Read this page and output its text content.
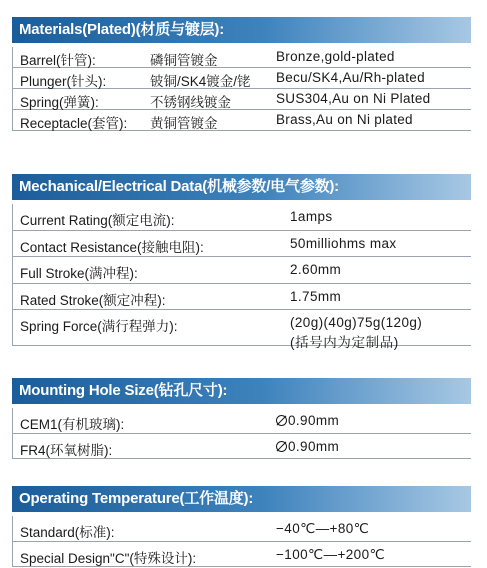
Materials(Plated)(材质与镀层):
Barrel(针管):	磷铜管镀金	Bronze,gold-plated
Plunger(针头):	铍铜/SK4镀金/铑 Becu/SK4,Au/Rh-plated
Spring(弹簧):	不锈钢线镀金	SUS304,Au on Ni Plated
Receptacle(套管): 黄铜管镀金	Brass,Au on Ni plated
Mechanical/Electrical Data(机械参数/电气参数):
Current Rating(额定电流):	1amps
Contact Resistance(接触电阻):	50milliohms max
Full Stroke(满冲程):	2.60mm
Rated Stroke(额定冲程):	1.75mm
Spring Force(满行程弹力):	(20g)(40g)75g(120g)
(括号内为定制品)
Mounting Hole Size(钻孔尺寸):
CEM1(有机玻璃):	0.90mm
FR4(环氧树脂):	0.90mm
Operating Temperature(工作温度):
Standard(标准):	−40℃—+80℃
Special Design"C"(特殊设计):	−100℃—+200℃
